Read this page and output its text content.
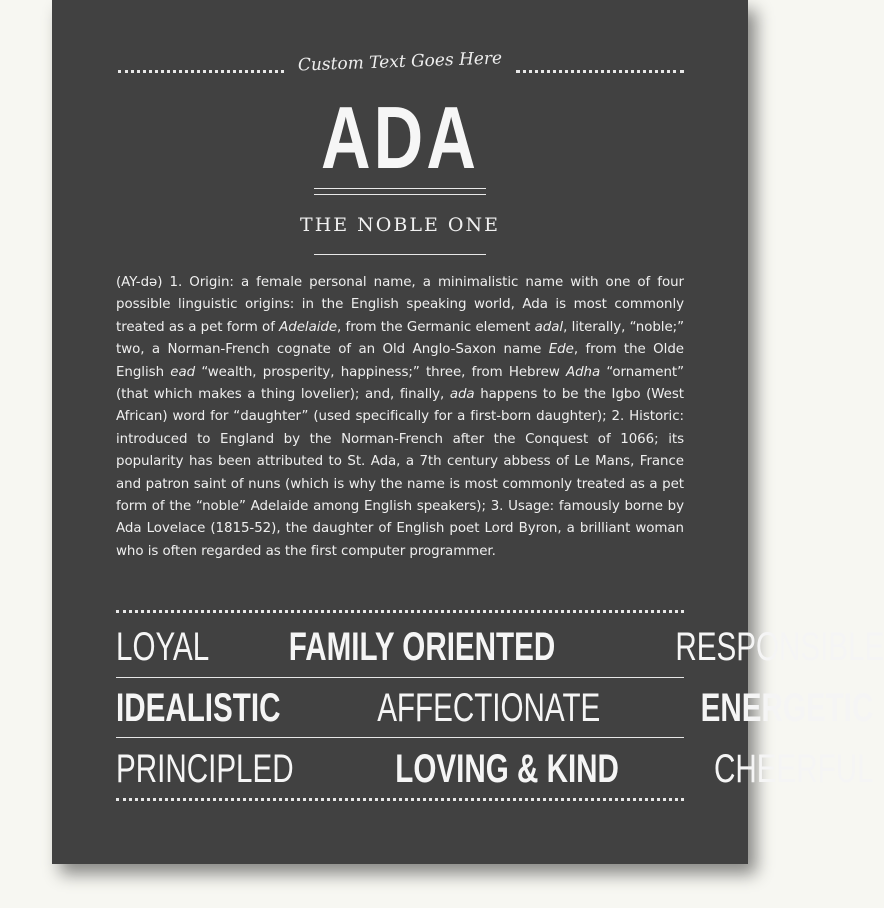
Custom Text Goes Here
ADA
THE NOBLE ONE
(AY-də) 1. Origin: a female personal name, a minimalistic name with one of four possible linguistic origins: in the English speaking world, Ada is most commonly treated as a pet form of Adelaide, from the Germanic element adal, literally, “noble;” two, a Norman-French cognate of an Old Anglo-Saxon name Ede, from the Olde English ead “wealth, prosperity, happiness;” three, from Hebrew Adha “ornament” (that which makes a thing lovelier); and, finally, ada happens to be the Igbo (West African) word for “daughter” (used specifically for a first-born daughter); 2. Historic: introduced to England by the Norman-French after the Conquest of 1066; its popularity has been attributed to St. Ada, a 7th century abbess of Le Mans, France and patron saint of nuns (which is why the name is most commonly treated as a pet form of the “noble” Adelaide among English speakers); 3. Usage: famously borne by Ada Lovelace (1815-52), the daughter of English poet Lord Byron, a brilliant woman who is often regarded as the first computer programmer.
LOYAL FAMILY ORIENTED	RESPONSIBLE
IDEALISTIC AFFECTIONATE ENERGETIC
PRINCIPLED	LOVING & KIND CHEERFUL
